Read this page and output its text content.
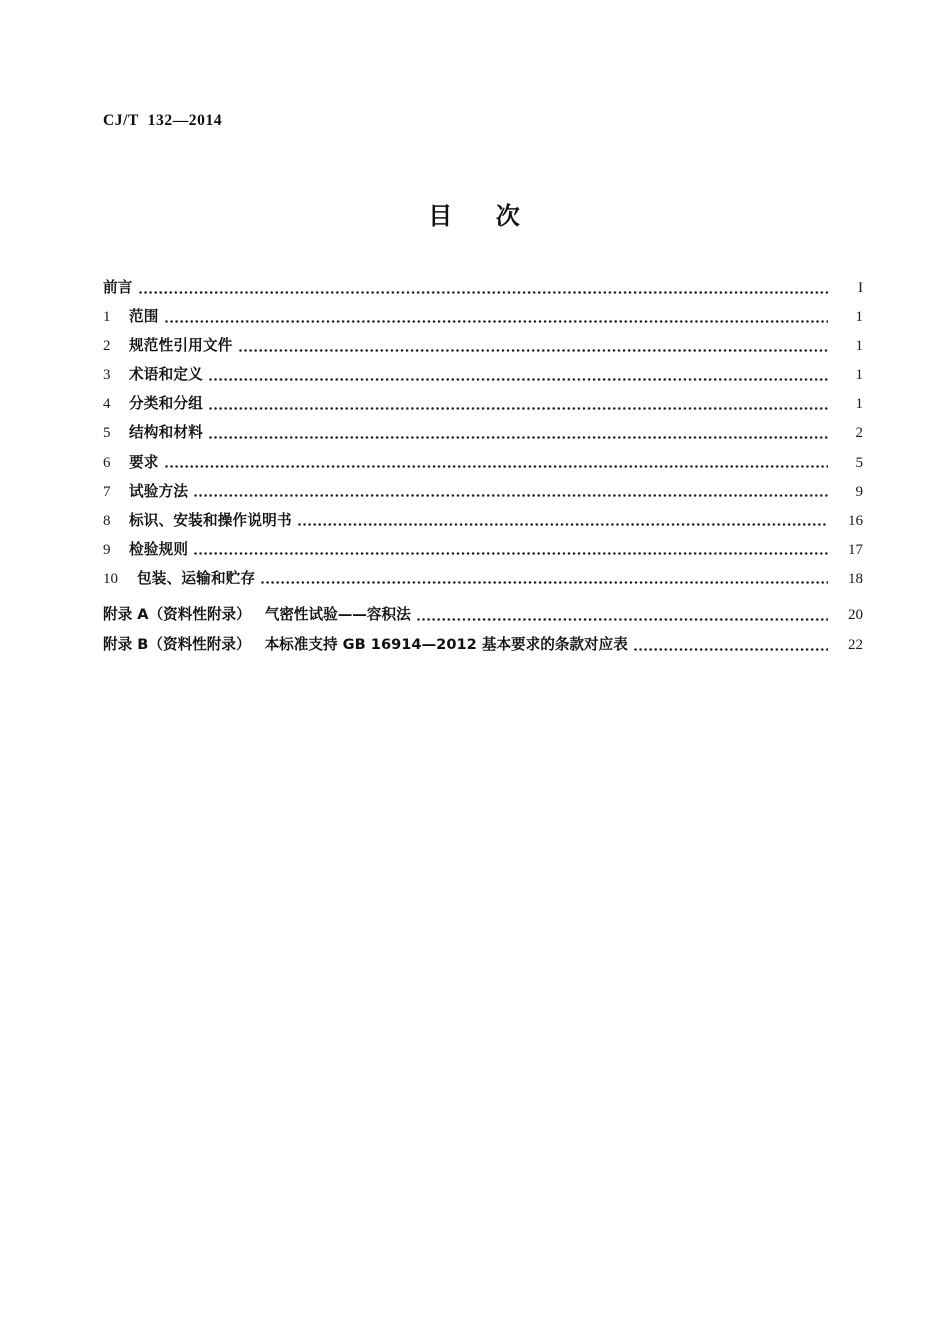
CJ/T  132—2014
目    次
前言	I
1	范围	1
2	规范性引用文件	1
3	术语和定义	1
4	分类和分组	1
5	结构和材料	2
6	要求	5
7	试验方法	9
8	标识、安装和操作说明书	16
9	检验规则	17
10	包装、运输和贮存	18
附录 A（资料性附录） 气密性试验——容积法	20
附录 B（资料性附录） 本标准支持 GB 16914—2012 基本要求的条款对应表	22
